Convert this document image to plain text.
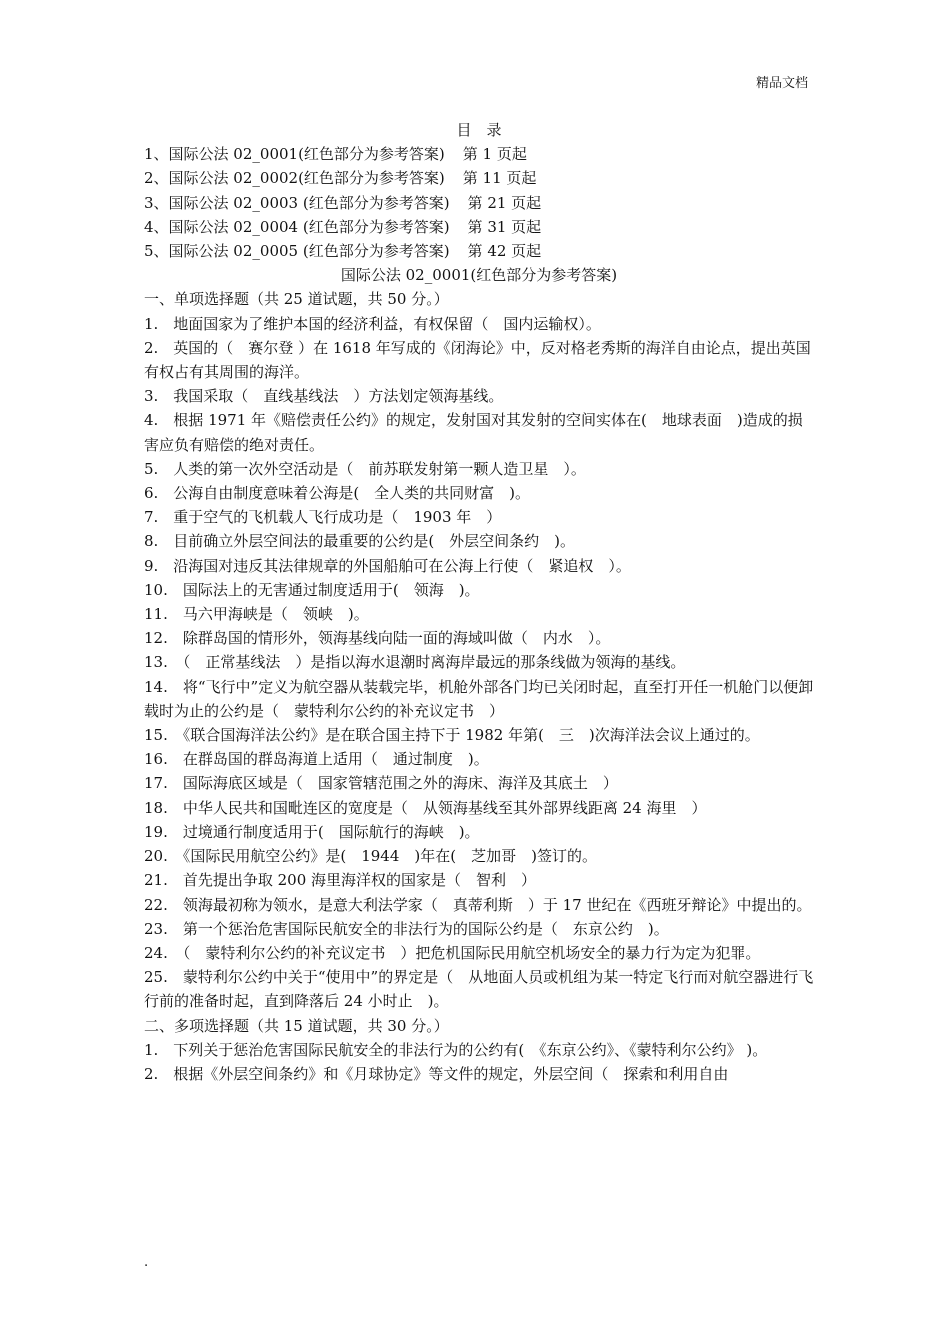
精品文档
目　录
1、国际公法 02_0001(红色部分为参考答案) 第 1 页起
2、国际公法 02_0002(红色部分为参考答案) 第 11 页起
3、国际公法 02_0003 (红色部分为参考答案) 第 21 页起
4、国际公法 02_0004 (红色部分为参考答案) 第 31 页起
5、国际公法 02_0005 (红色部分为参考答案) 第 42 页起
国际公法 02_0001(红色部分为参考答案)
一、单项选择题（共 25 道试题，共 50 分。）
1.　地面国家为了维护本国的经济利益，有权保留（　国内运输权）。
2.　英国的（　赛尔登 ）在 1618 年写成的《闭海论》中，反对格老秀斯的海洋自由论点，提出英国有权占有其周围的海洋。
3.　我国采取（　直线基线法　）方法划定领海基线。
4.　根据 1971 年《赔偿责任公约》的规定，发射国对其发射的空间实体在(　地球表面　)造成的损害应负有赔偿的绝对责任。
5.　人类的第一次外空活动是（　前苏联发射第一颗人造卫星　）。
6.　公海自由制度意味着公海是(　全人类的共同财富　)。
7.　重于空气的飞机载人飞行成功是（　1903 年　）
8.　目前确立外层空间法的最重要的公约是(　外层空间条约　)。
9.　沿海国对违反其法律规章的外国船舶可在公海上行使（　紧追权　）。
10.　国际法上的无害通过制度适用于(　领海　)。
11.　马六甲海峡是（　领峡　)。
12.　除群岛国的情形外，领海基线向陆一面的海域叫做（　内水　）。
13.　（　正常基线法　）是指以海水退潮时离海岸最远的那条线做为领海的基线。
14.　将“飞行中”定义为航空器从装载完毕，机舱外部各门均已关闭时起，直至打开任一机舱门以便卸载时为止的公约是（　蒙特利尔公约的补充议定书　）
15.　《联合国海洋法公约》是在联合国主持下于 1982 年第(　三　)次海洋法会议上通过的。
16.　在群岛国的群岛海道上适用（　通过制度　)。
17.　国际海底区域是（　国家管辖范围之外的海床、海洋及其底土　）
18.　中华人民共和国毗连区的宽度是（　从领海基线至其外部界线距离 24 海里　）
19.　过境通行制度适用于(　国际航行的海峡　)。
20.　《国际民用航空公约》是(　1944　)年在(　芝加哥　)签订的。
21.　首先提出争取 200 海里海洋权的国家是（　智利　）
22.　领海最初称为领水，是意大利法学家（　真蒂利斯　）于 17 世纪在《西班牙辩论》中提出的。
23.　第一个惩治危害国际民航安全的非法行为的国际公约是（　东京公约　)。
24.　（　蒙特利尔公约的补充议定书　）把危机国际民用航空机场安全的暴力行为定为犯罪。
25.　蒙特利尔公约中关于“使用中”的界定是（　从地面人员或机组为某一特定飞行而对航空器进行飞行前的准备时起，直到降落后 24 小时止　)。
二、多项选择题（共 15 道试题，共 30 分。）
1.　下列关于惩治危害国际民航安全的非法行为的公约有(　《东京公约》、《蒙特利尔公约》 )。
2.　根据《外层空间条约》和《月球协定》等文件的规定，外层空间（　探索和利用自由
.
